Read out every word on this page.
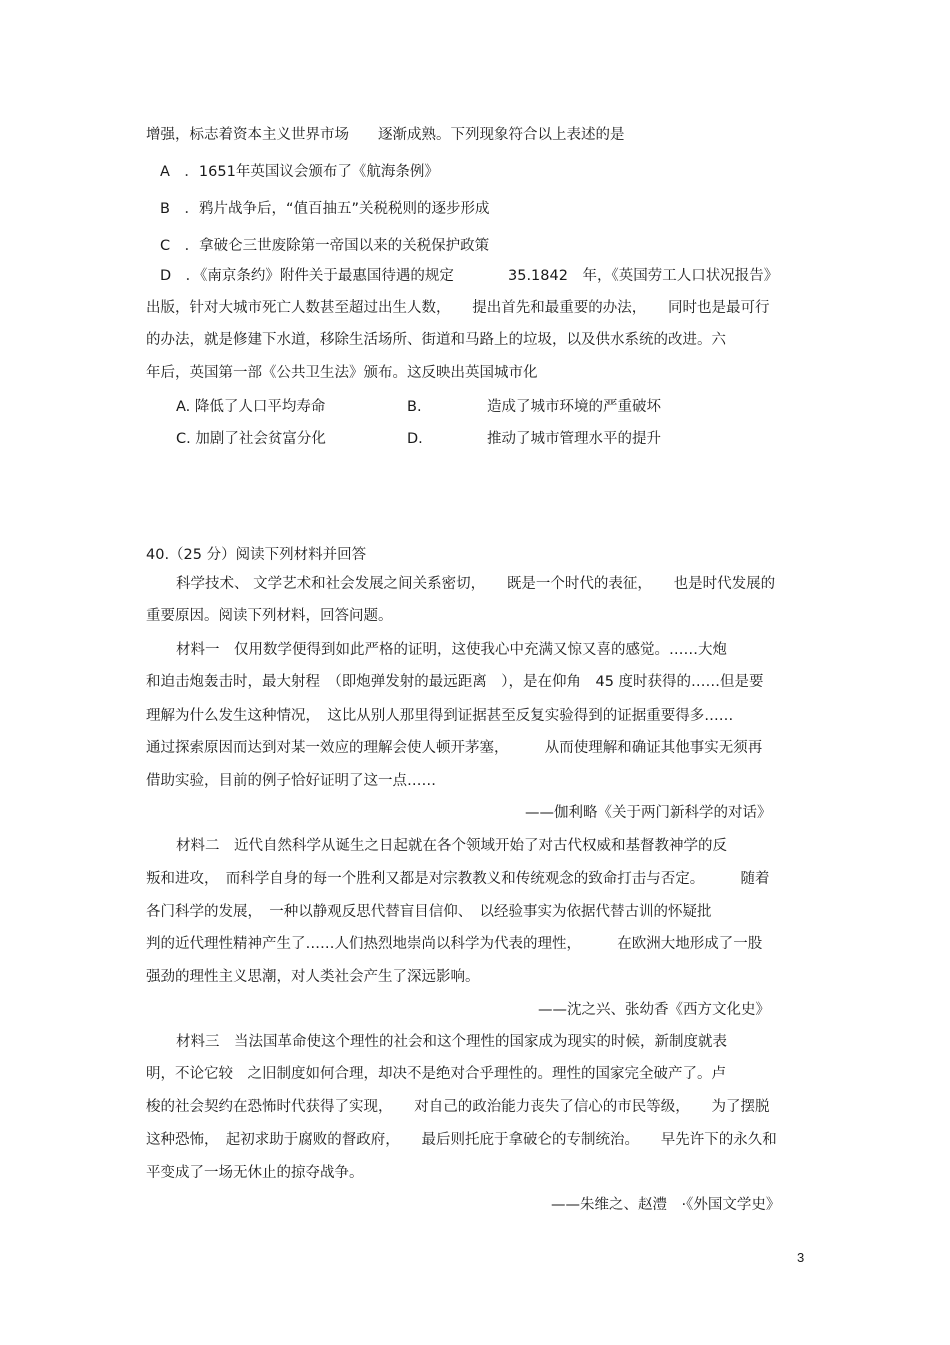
增强，标志着资本主义世界市场　　逐渐成熟。下列现象符合以上表述的是
A　．1651年英国议会颁布了《航海条例》
B　．鸦片战争后，“值百抽五”关税税则的逐步形成
C　．拿破仑三世废除第一帝国以来的关税保护政策
D　．《南京条约》附件关于最惠国待遇的规定	35.1842　年，《英国劳工人口状况报告》
出版，针对大城市死亡人数甚至超过出生人数，　　提出首先和最重要的办法，　　同时也是最可行
的办法，就是修建下水道，移除生活场所、街道和马路上的垃圾，以及供水系统的改进。六
年后，英国第一部《公共卫生法》颁布。这反映出英国城市化
A. 降低了人口平均寿命	B.	造成了城市环境的严重破坏
C. 加剧了社会贫富分化	D.	推动了城市管理水平的提升
40.（25 分）阅读下列材料并回答
科学技术、 文学艺术和社会发展之间关系密切，　　既是一个时代的表征，　　也是时代发展的
重要原因。阅读下列材料，回答问题。
材料一　仅用数学便得到如此严格的证明，这使我心中充满又惊又喜的感觉。……大炮
和迫击炮轰击时，最大射程　（即炮弹发射的最远距离　），是在仰角　45 度时获得的……但是要
理解为什么发生这种情况，　这比从别人那里得到证据甚至反复实验得到的证据重要得多……
通过探索原因而达到对某一效应的理解会使人顿开茅塞，　　　从而使理解和确证其他事实无须再
借助实验，目前的例子恰好证明了这一点……
——伽利略《关于两门新科学的对话》
材料二　近代自然科学从诞生之日起就在各个领域开始了对古代权威和基督教神学的反
叛和进攻，　而科学自身的每一个胜利又都是对宗教教义和传统观念的致命打击与否定。　　　随着
各门科学的发展，　一种以静观反思代替盲目信仰、　以经验事实为依据代替古训的怀疑批
判的近代理性精神产生了……人们热烈地崇尚以科学为代表的理性，　　　在欧洲大地形成了一股
强劲的理性主义思潮，对人类社会产生了深远影响。
——沈之兴、张幼香《西方文化史》
材料三　当法国革命使这个理性的社会和这个理性的国家成为现实的时候，新制度就表
明，不论它较　之旧制度如何合理，却决不是绝对合乎理性的。理性的国家完全破产了。卢
梭的社会契约在恐怖时代获得了实现，　　对自己的政治能力丧失了信心的市民等级，　　为了摆脱
这种恐怖，　起初求助于腐败的督政府，　　最后则托庇于拿破仑的专制统治。　　早先许下的永久和
平变成了一场无休止的掠夺战争。
——朱维之、赵澧　·《外国文学史》
3
